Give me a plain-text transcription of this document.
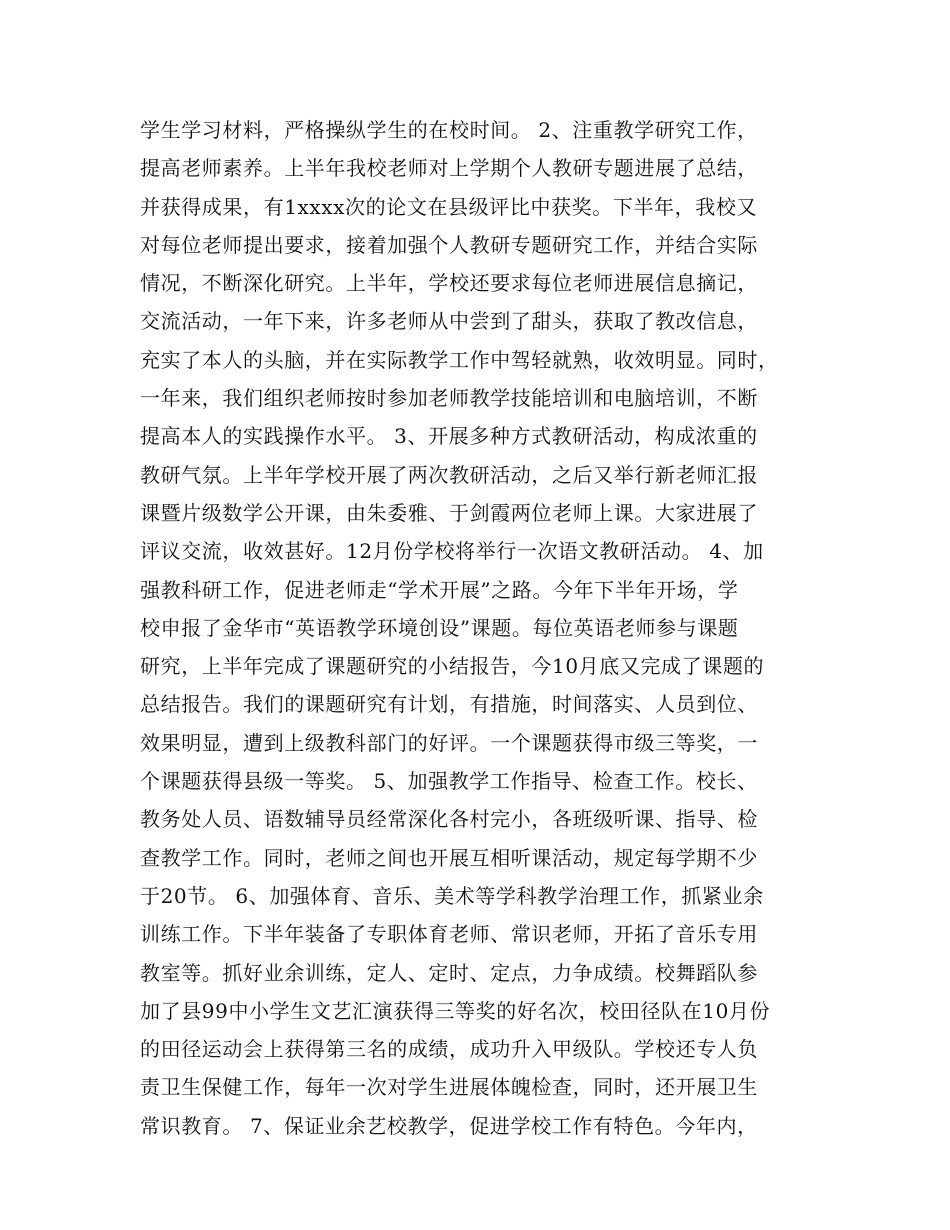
学生学习材料，严格操纵学生的在校时间。 2、注重教学研究工作，
提高老师素养。上半年我校老师对上学期个人教研专题进展了总结，
并获得成果，有1xxxx次的论文在县级评比中获奖。下半年，我校又
对每位老师提出要求，接着加强个人教研专题研究工作，并结合实际
情况，不断深化研究。上半年，学校还要求每位老师进展信息摘记，
交流活动，一年下来，许多老师从中尝到了甜头，获取了教改信息，
充实了本人的头脑，并在实际教学工作中驾轻就熟，收效明显。同时，
一年来，我们组织老师按时参加老师教学技能培训和电脑培训，不断
提高本人的实践操作水平。 3、开展多种方式教研活动，构成浓重的
教研气氛。上半年学校开展了两次教研活动，之后又举行新老师汇报
课暨片级数学公开课，由朱委雅、于剑霞两位老师上课。大家进展了
评议交流，收效甚好。12月份学校将举行一次语文教研活动。 4、加
强教科研工作，促进老师走“学术开展”之路。今年下半年开场，学
校申报了金华市“英语教学环境创设”课题。每位英语老师参与课题
研究，上半年完成了课题研究的小结报告，今10月底又完成了课题的
总结报告。我们的课题研究有计划，有措施，时间落实、人员到位、
效果明显，遭到上级教科部门的好评。一个课题获得市级三等奖，一
个课题获得县级一等奖。 5、加强教学工作指导、检查工作。校长、
教务处人员、语数辅导员经常深化各村完小，各班级听课、指导、检
查教学工作。同时，老师之间也开展互相听课活动，规定每学期不少
于20节。 6、加强体育、音乐、美术等学科教学治理工作，抓紧业余
训练工作。下半年装备了专职体育老师、常识老师，开拓了音乐专用
教室等。抓好业余训练，定人、定时、定点，力争成绩。校舞蹈队参
加了县99中小学生文艺汇演获得三等奖的好名次，校田径队在10月份
的田径运动会上获得第三名的成绩，成功升入甲级队。学校还专人负
责卫生保健工作，每年一次对学生进展体魄检查，同时，还开展卫生
常识教育。 7、保证业余艺校教学，促进学校工作有特色。今年内，
